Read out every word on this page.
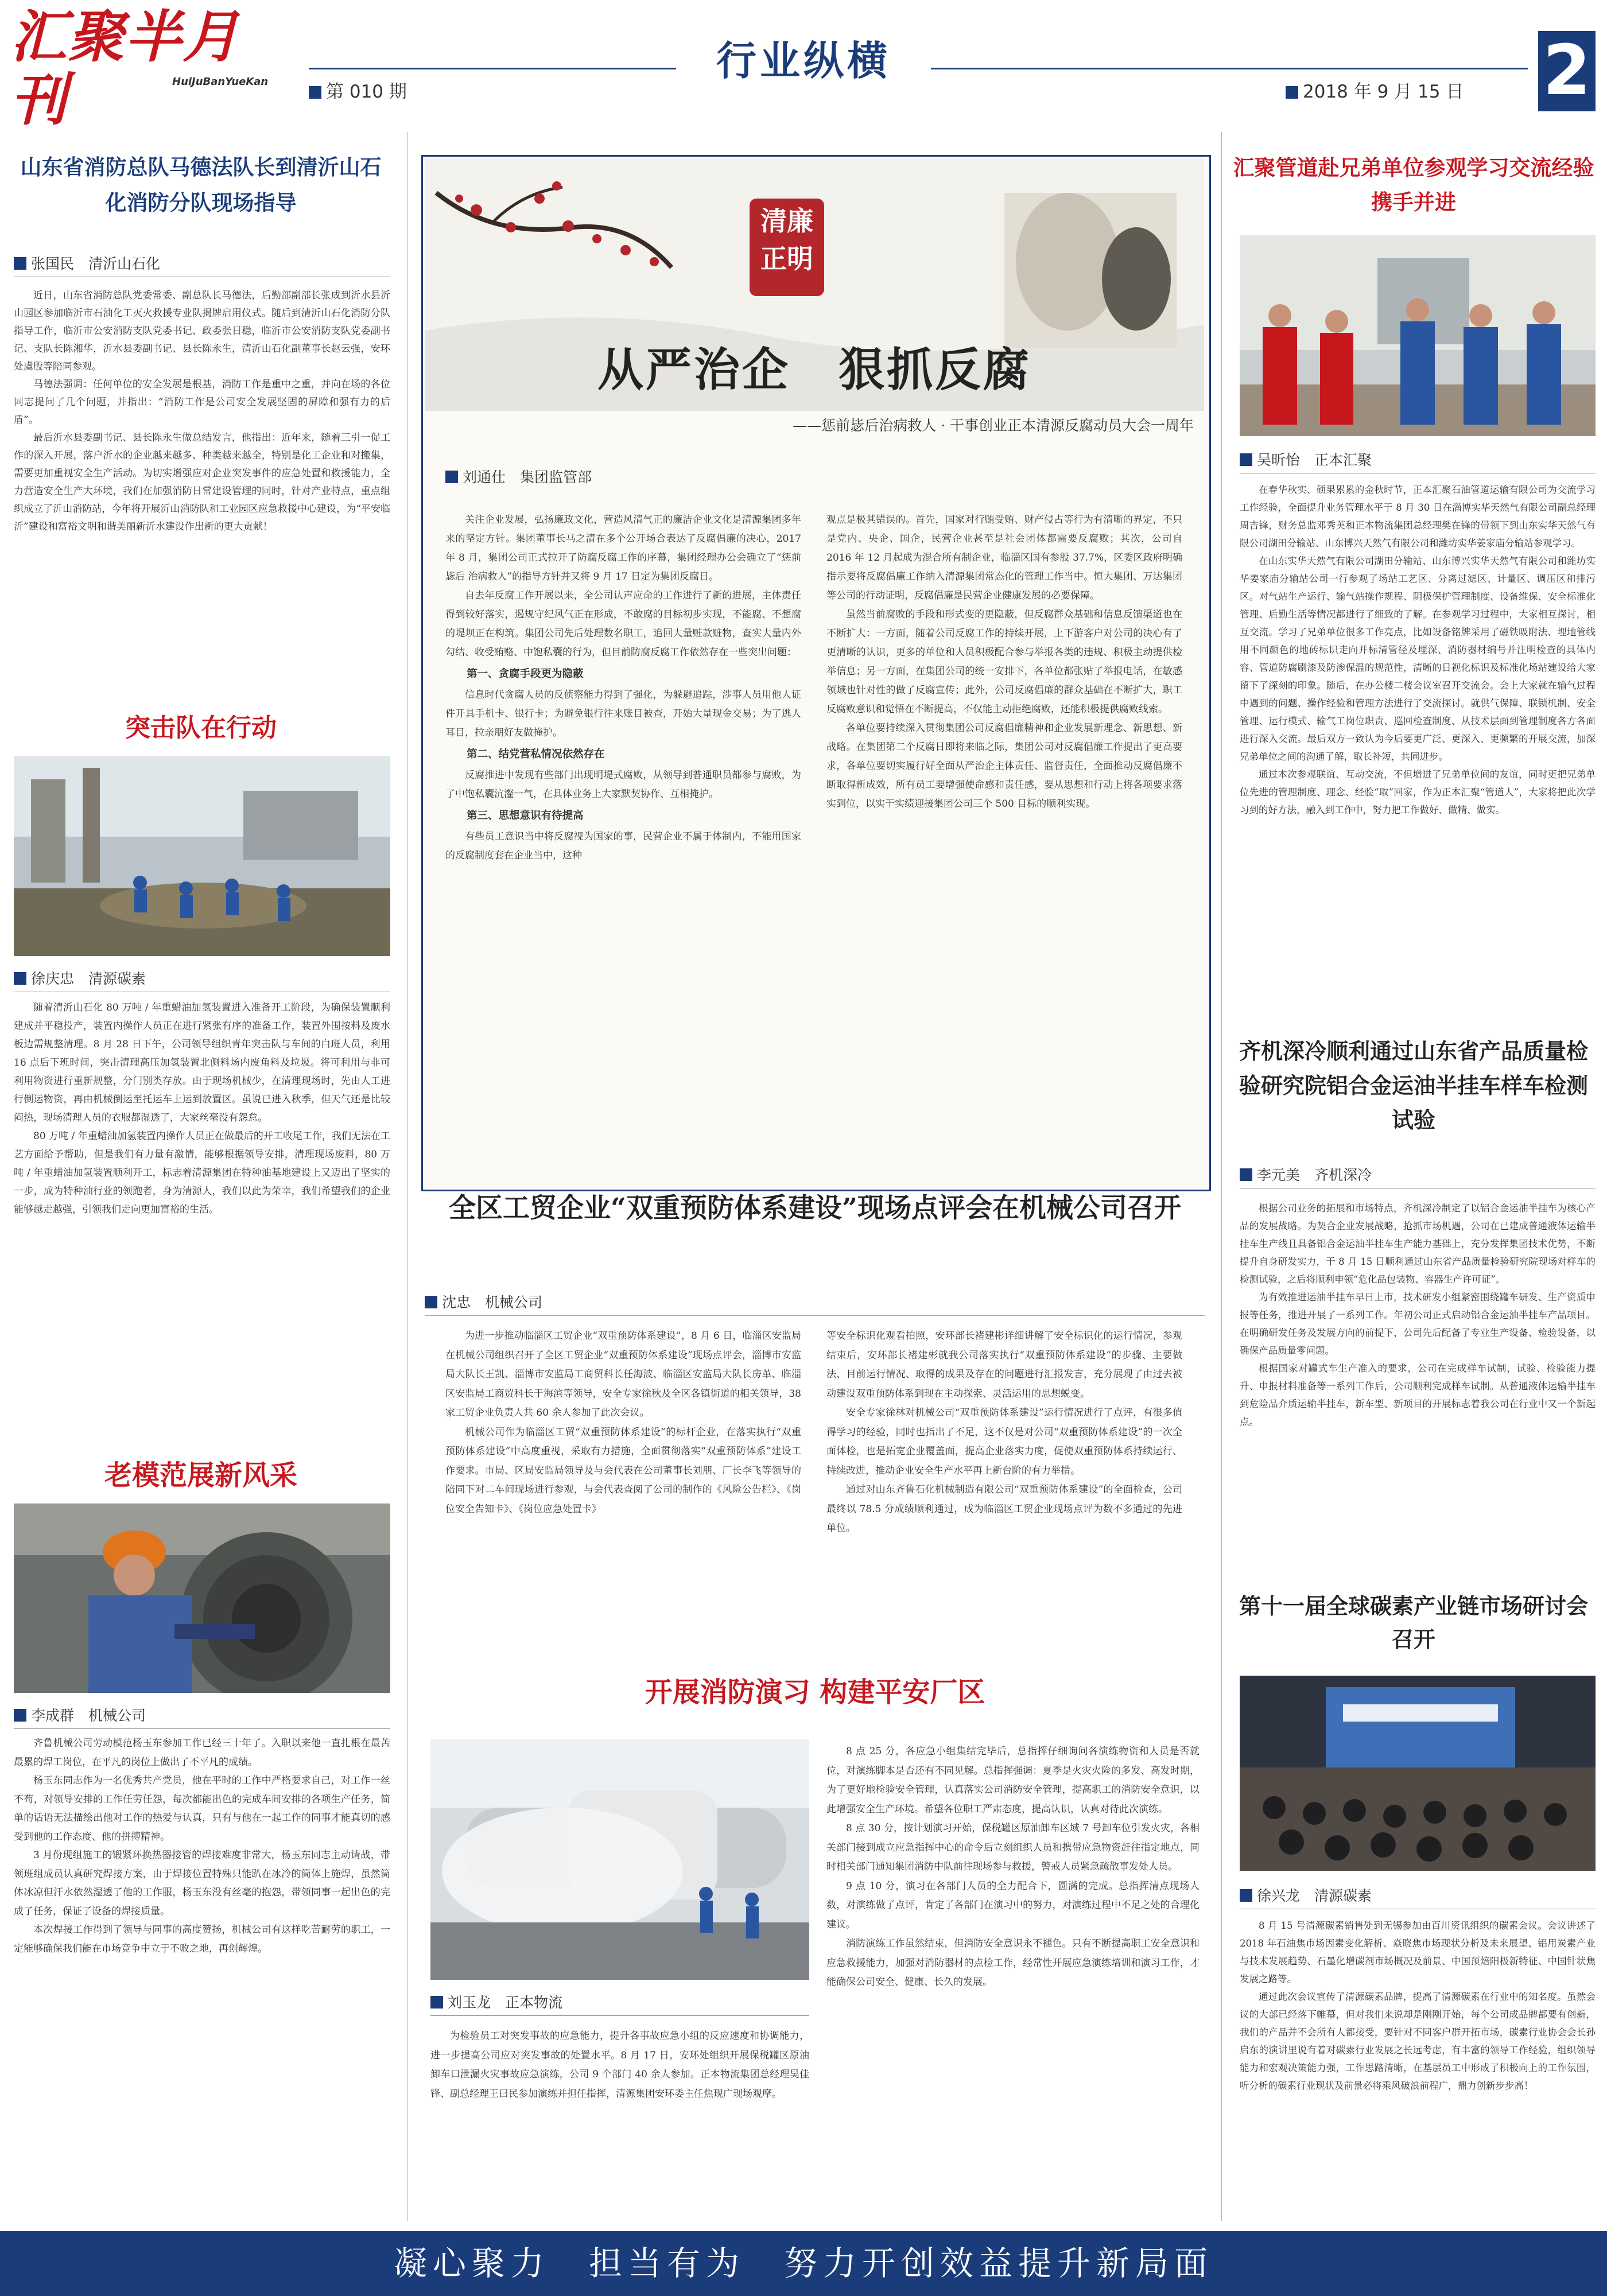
汇聚半月刊	HuiJuBanYueKan	第 010 期
行业纵横
2018 年 9 月 15 日 2
山东省消防总队马德法队长到清沂山石化消防分队现场指导
张国民　清沂山石化

近日，山东省消防总队党委常委、副总队长马德法，后勤部副部长张成到沂水县沂山园区参加临沂市石油化工灭火救援专业队揭牌启用仪式。随后到清沂山石化消防分队指导工作，临沂市公安消防支队党委书记、政委张日稳，临沂市公安消防支队党委副书记、支队长陈湘华，沂水县委副书记、县长陈永生，清沂山石化副董事长赵云强，安环处虞殷等陪同参观。

马德法强调：任何单位的安全发展是根基，消防工作是重中之重，并向在场的各位同志提问了几个问题，并指出：“消防工作是公司安全发展坚固的屏障和强有力的后盾”。

最后沂水县委副书记、县长陈永生做总结发言，他指出：近年来，随着三引一促工作的深入开展，落户沂水的企业越来越多、种类越来越全，特别是化工企业和对搬集，需要更加重视安全生产活动。为切实增强应对企业突发事件的应急处置和救援能力，全力营造安全生产大环境，我们在加强消防日常建设管理的同时，针对产业特点，重点组织成立了沂山消防站，今年将开展沂山消防队和工业园区应急救援中心建设，为“平安临沂”建设和富裕文明和谐美丽新沂水建设作出新的更大贡献！

突击队在行动
徐庆忠　清源碳素

随着清沂山石化 80 万吨 / 年重蜡油加氢装置进入准备开工阶段，为确保装置顺利建成并平稳投产，装置内操作人员正在进行紧张有序的准备工作，装置外围按料及废水板边需规整清理。8 月 28 日下午，公司领导组织青年突击队与车间的白班人员，利用 16 点后下班时间，突击清理高压加氢装置北侧料场内废角料及垃圾。将可利用与非可利用物资进行重新规整，分门别类存放。由于现场机械少，在清理现场时，先由人工进行倒运物资，再由机械倒运至托运车上运到放置区。虽说已进入秋季，但天气还是比较闷热，现场清理人员的衣服都湿透了，大家丝毫没有怨怠。

80 万吨 / 年重蜡油加氢装置内操作人员正在做最后的开工收尾工作，我们无法在工艺方面给予帮助，但是我们有力量有激情，能够根据领导安排，清理现场废料，80 万吨 / 年重蜡油加氢装置顺利开工，标志着清源集团在特种油基地建设上又迈出了坚实的一步，成为特种油行业的领跑者，身为清源人，我们以此为荣幸，我们希望我们的企业能够越走越强，引领我们走向更加富裕的生活。

老模范展新风采
李成群　机械公司

齐鲁机械公司劳动模范杨玉东参加工作已经三十年了。入职以来他一直扎根在最苦最累的焊工岗位，在平凡的岗位上做出了不平凡的成绩。

杨玉东同志作为一名优秀共产党员，他在平时的工作中严格要求自己，对工作一丝不苟，对领导安排的工作任劳任怨，每次都能出色的完成车间安排的各项生产任务，简单的话语无法描绘出他对工作的热爱与认真，只有与他在一起工作的同事才能真切的感受到他的工作态度、他的拼搏精神。

3 月份现组施工的锻紧环换热器接管的焊接难度非常大，杨玉东同志主动请战，带领班组成员认真研究焊接方案，由于焊接位置特殊只能趴在冰冷的筒体上施焊，虽然筒体冰凉但汗水依然湿透了他的工作服，杨玉东没有丝毫的抱怨，带领同事一起出色的完成了任务，保证了设备的焊接质量。

本次焊接工作得到了领导与同事的高度赞扬，机械公司有这样吃苦耐劳的职工，一定能够确保我们能在市场竞争中立于不败之地，再创辉煌。

清廉正明
从严治企　狠抓反腐
——惩前毖后治病救人 · 干事创业正本清源反腐动员大会一周年
刘通仕　集团监管部

关注企业发展，弘扬廉政文化，营造风清气正的廉洁企业文化是清源集团多年来的坚定方针。集团董事长马之清在多个公开场合表达了反腐倡廉的决心，2017 年 8 月，集团公司正式拉开了防腐反腐工作的序幕，集团经理办公会确立了“惩前毖后 治病救人”的指导方针并又将 9 月 17 日定为集团反腐日。

自去年反腐工作开展以来，全公司认声应命的工作进行了新的进展，主体责任得到较好落实，遏规守纪风气正在形成，不敢腐的目标初步实现，不能腐、不想腐的堤坝正在构筑。集团公司先后处理数名职工，追回大量赃款赃物，查实大量内外勾结、收受贿赂、中饱私囊的行为，但目前防腐反腐工作依然存在一些突出问题：

第一、贪腐手段更为隐蔽

信息时代贪腐人员的反侦察能力得到了强化，为躲避追踪，涉事人员用他人证件开具手机卡、银行卡；为避免银行往来账目被查，开始大量现金交易；为了逃人耳目，拉亲朋好友做掩护。

第二、结党营私情况依然存在

反腐推进中发现有些部门出现明堤式腐败，从领导到普通职员都参与腐败，为了中饱私囊沆瀣一气，在具体业务上大家默契协作、互相掩护。

第三、思想意识有待提高

有些员工意识当中将反腐视为国家的事，民营企业不属于体制内，不能用国家的反腐制度套在企业当中，这种

观点是极其错误的。首先，国家对行贿受贿、财产侵占等行为有清晰的界定，不只是党内、央企、国企，民营企业甚至是社会团体都需要反腐败；其次，公司自 2016 年 12 月起成为混合所有制企业，临淄区国有参股 37.7%，区委区政府明确指示要将反腐倡廉工作纳入清源集团常态化的管理工作当中。恒大集团、万达集团等公司的行动证明，反腐倡廉是民营企业健康发展的必要保障。

虽然当前腐败的手段和形式变的更隐蔽，但反腐群众基础和信息反馈渠道也在不断扩大：一方面，随着公司反腐工作的持续开展，上下游客户对公司的决心有了更清晰的认识，更多的单位和人员积极配合参与举报各类的违规、积极主动提供检举信息；另一方面，在集团公司的统一安排下，各单位都张贴了举报电话，在敏感领域也针对性的做了反腐宣传；此外，公司反腐倡廉的群众基础在不断扩大，职工反腐败意识和觉悟在不断提高，不仅能主动拒绝腐败，还能积极提供腐败线索。

各单位要持续深入贯彻集团公司反腐倡廉精神和企业发展新理念、新思想、新战略。在集团第二个反腐日即将来临之际，集团公司对反腐倡廉工作提出了更高要求，各单位要切实履行好全面从严治企主体责任、监督责任，全面推动反腐倡廉不断取得新成效，所有员工要增强使命感和责任感，要从思想和行动上将各项要求落实到位，以实干实绩迎接集团公司三个 500 目标的顺利实现。

全区工贸企业“双重预防体系建设”现场点评会在机械公司召开
沈忠　机械公司

为进一步推动临淄区工贸企业“双重预防体系建设”，8 月 6 日，临淄区安监局在机械公司组织召开了全区工贸企业“双重预防体系建设”现场点评会，淄博市安监局大队长王凯、淄博市安监局工商贸科长任海波、临淄区安监局大队长房革、临淄区安监局工商贸科长于海滨等领导，安全专家徐秋及全区各镇街道的相关领导，38 家工贸企业负责人共 60 余人参加了此次会议。

机械公司作为临淄区工贸“双重预防体系建设”的标杆企业，在落实执行“双重预防体系建设”中高度重视，采取有力措施，全面贯彻落实“双重预防体系”建设工作要求。市局、区局安监局领导及与会代表在公司董事长刘朋、厂长李飞等领导的陪同下对二车间现场进行参观，与会代表查阅了公司的制作的《风险公告栏》、《岗位安全告知卡》、《岗位应急处置卡》

等安全标识化观看拍照，安环部长褚建彬详细讲解了安全标识化的运行情况，参观结束后，安环部长褚建彬就我公司落实执行“双重预防体系建设”的步骤、主要做法、目前运行情况、取得的成果及存在的问题进行汇报发言，充分展现了由过去被动建设双重预防体系到现在主动探索、灵活运用的思想蜕变。

安全专家徐林对机械公司“双重预防体系建设”运行情况进行了点评，有很多值得学习的经验，同时也指出了不足，这不仅是对公司“双重预防体系建设”的一次全面体检，也是拓宽企业覆盖面，提高企业落实力度，促使双重预防体系持续运行、持续改进，推动企业安全生产水平再上新台阶的有力举措。

通过对山东齐鲁石化机械制造有限公司“双重预防体系建设”的全面检查，公司最终以 78.5 分成绩顺利通过，成为临淄区工贸企业现场点评为数不多通过的先进单位。

开展消防演习 构建平安厂区
刘玉龙　正本物流

为检验员工对突发事故的应急能力，提升各事故应急小组的反应速度和协调能力，进一步提高公司应对突发事故的处置水平。8 月 17 日，安环处组织开展保税罐区原油卸车口泄漏火灾事故应急演练，公司 9 个部门 40 余人参加。正本物流集团总经理吴佳锋、副总经理王曰民参加演练并担任指挥，清源集团安环委主任焦现广现场观摩。

8 点 25 分，各应急小组集结完毕后，总指挥仔细询问各演练物资和人员是否就位，对演练脚本是否还有不同见解。总指挥强调：夏季是火灾火险的多发、高发时期，为了更好地检验安全管理，认真落实公司消防安全管理，提高职工的消防安全意识，以此增强安全生产环境。希望各位职工严肃态度，提高认识，认真对待此次演练。

8 点 30 分，按计划演习开始，保税罐区原油卸车区域 7 号卸车位引发火灾，各相关部门接到成立应急指挥中心的命令后立刻组织人员和携带应急物资赶往指定地点，同时相关部门通知集团消防中队前往现场参与救援，警戒人员紧急疏散事发处人员。

9 点 10 分，演习在各部门人员的全力配合下，圆满的完成。总指挥清点现场人数，对演练做了点评，肯定了各部门在演习中的努力，对演练过程中不足之处的合理化建议。

消防演练工作虽然结束，但消防安全意识永不褪色。只有不断提高职工安全意识和应急救援能力，加强对消防器材的点检工作，经常性开展应急演练培训和演习工作，才能确保公司安全、健康、长久的发展。

汇聚管道赴兄弟单位参观学习交流经验携手并进
吴昕怡　正本汇聚

在春华秋实、硕果累累的金秋时节，正本汇聚石油管道运输有限公司为交流学习工作经验，全面提升业务管理水平于 8 月 30 日在淄博实华天然气有限公司副总经理周吉锋，财务总监邓秀英和正本物流集团总经理樊在锋的带领下到山东实华天然气有限公司湖田分输站、山东博兴天然气有限公司和潍坊实华姜家庙分输站参观学习。

在山东实华天然气有限公司湖田分输站、山东博兴实华天然气有限公司和潍坊实华姜家庙分输站公司一行参观了场站工艺区、分离过滤区、计量区、调压区和排污区。对气站生产运行、输气站操作规程、阴极保护管理制度、设备维保、安全标准化管理、后勤生活等情况都进行了细致的了解。在参观学习过程中，大家相互探讨，相互交流。学习了兄弟单位很多工作亮点，比如设备铭牌采用了磁铁吸附法、埋地管线用不同颜色的地砖标识走向并标清管径及埋深、消防器材编号并注明检查的具体内容、管道防腐刷漆及防渗保温的规范性，清晰的日视化标识及标准化场站建设给大家留下了深刻的印象。随后，在办公楼二楼会议室召开交流会。会上大家就在输气过程中遇到的问题、操作经验和管理方法进行了交流探讨。就供气保障、联锁机制、安全管理、运行模式、输气工岗位职责、巡回检查制度、从技术层面到管理制度各方各面进行深入交流。最后双方一致认为今后要更广泛、更深入、更频繁的开展交流，加深兄弟单位之间的沟通了解，取长补短，共同进步。

通过本次参观联谊、互动交流，不但增进了兄弟单位间的友谊，同时更把兄弟单位先进的管理制度、理念、经验“取”回家，作为正本汇聚“管道人”，大家将把此次学习到的好方法，融入到工作中，努力把工作做好、做精、做实。

齐机深冷顺利通过山东省产品质量检验研究院铝合金运油半挂车样车检测试验
李元美　齐机深冷

根据公司业务的拓展和市场特点，齐机深冷制定了以铝合金运油半挂车为核心产品的发展战略。为契合企业发展战略，抢抓市场机遇，公司在已建成普通液体运输半挂车生产线且具备铝合金运油半挂车生产能力基础上，充分发挥集团技术优势，不断提升自身研发实力，于 8 月 15 日顺利通过山东省产品质量检验研究院现场对样车的检测试验，之后将顺利申领“危化品包装物、容器生产许可证”。

为有效推进运油半挂车早日上市，技术研发小组紧密围绕罐车研发、生产资质申报等任务，推进开展了一系列工作。年初公司正式启动铝合金运油半挂车产品项目。在明确研发任务及发展方向的前提下，公司先后配备了专业生产设备、检验设备，以确保产品质量零问题。

根据国家对罐式车生产准入的要求，公司在完成样车试制，试验、检验能力提升、申报材料准备等一系列工作后，公司顺利完成样车试制。从普通液体运输半挂车到危险品介质运输半挂车，新车型、新项目的开展标志着我公司在行业中又一个新起点。

第十一届全球碳素产业链市场研讨会召开
徐兴龙　清源碳素

8 月 15 号清源碳素销售处到无锡参加由百川资讯组织的碳素会议。会议讲述了 2018 年石油焦市场因素变化解析、焱晓焦市场现状分析及未来展望、铝用炭素产业与技术发展趋势、石墨化增碳剂市场概况及前景、中国预焙阳极新特征、中国针状焦发展之路等。

通过此次会议宣传了清源碳素品牌，提高了清源碳素在行业中的知名度。虽然会议的大部已经落下帷幕，但对我们来说却是刚刚开始，每个公司成品牌都要有创新，我们的产品并不会所有人都接受，要针对不同客户群开拓市场，碳素行业协会会长孙启东的演讲里说有着对碳素行业发展之长远考虑，有丰富的领导工作经验，组织领导能力和宏观决策能力强，工作思路清晰，在基层员工中形成了积极向上的工作氛围，听分析的碳素行业现状及前景必将乘风破浪前程广，鼎力创新步步高！

凝心聚力　担当有为　努力开创效益提升新局面
